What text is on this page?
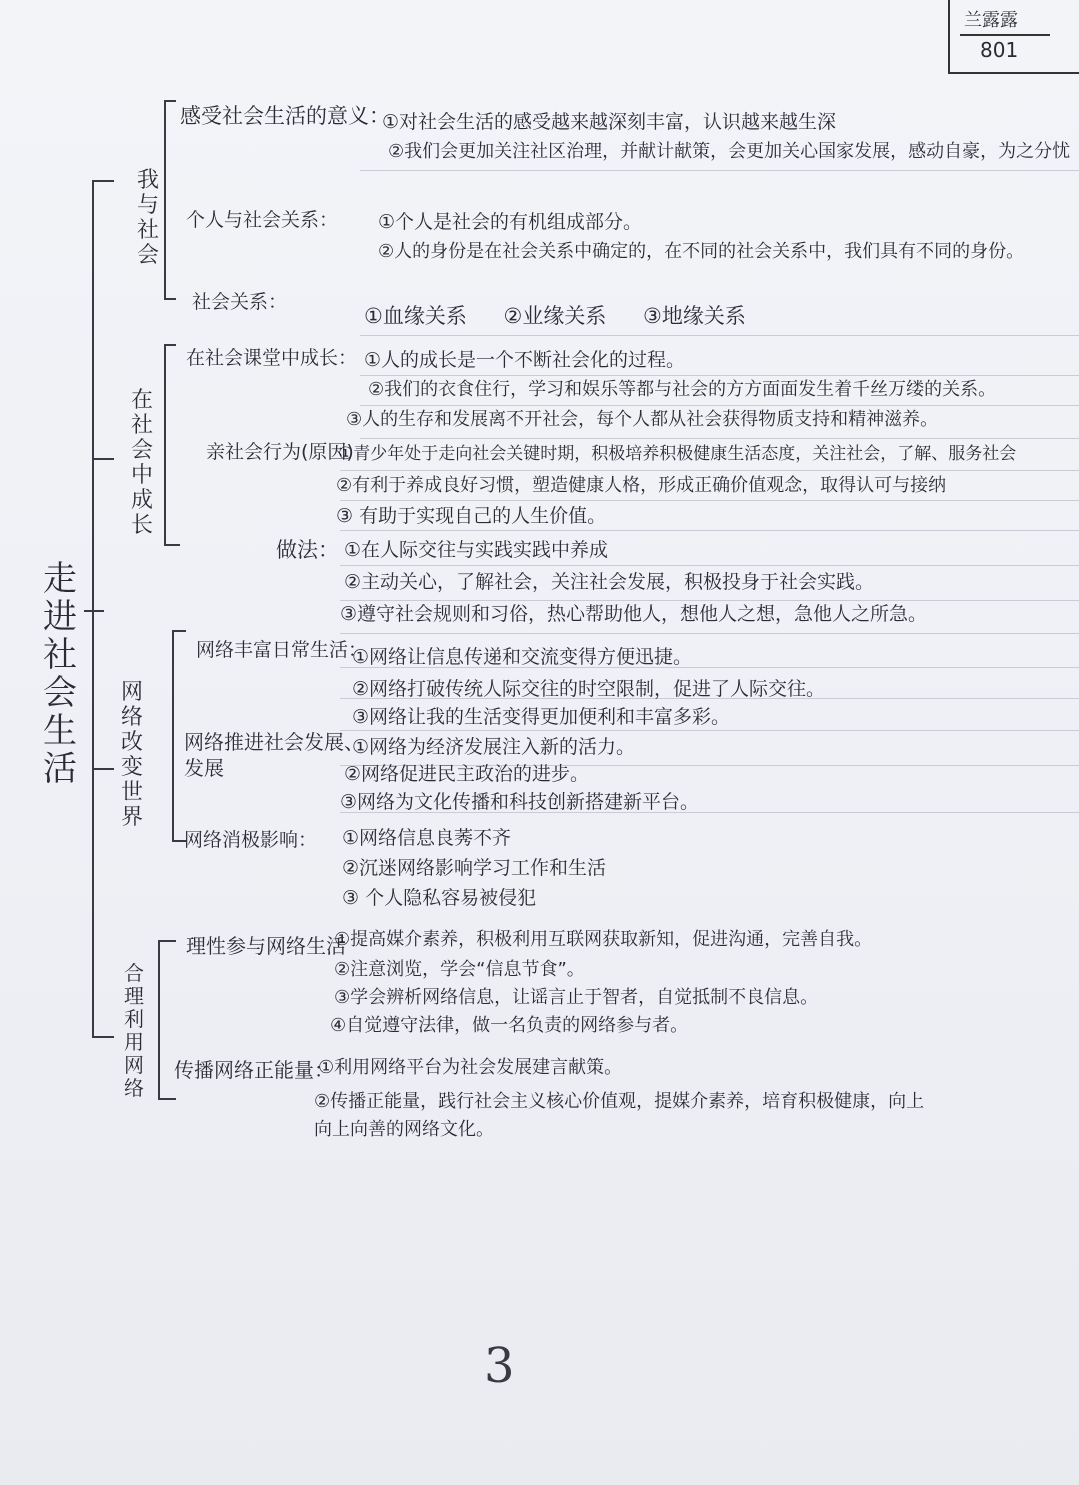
兰露露
801
走进社会生活
我与社会
感受社会生活的意义：
①对社会生活的感受越来越深刻丰富，认识越来越生深
②我们会更加关注社区治理，并献计献策，会更加关心国家发展，感动自豪，为之分忧
个人与社会关系： ①个人是社会的有机组成部分。
②人的身份是在社会关系中确定的，在不同的社会关系中，我们具有不同的身份。
社会关系：
①血缘关系 ②业缘关系 ③地缘关系
在社会中成长
在社会课堂中成长： ①人的成长是一个不断社会化的过程。
②我们的衣食住行，学习和娱乐等都与社会的方方面面发生着千丝万缕的关系。
③人的生存和发展离不开社会，每个人都从社会获得物质支持和精神滋养。
亲社会行为(原因)
①青少年处于走向社会关键时期，积极培养积极健康生活态度，关注社会，了解、服务社会
②有利于养成良好习惯，塑造健康人格，形成正确价值观念，取得认可与接纳
③ 有助于实现自己的人生价值。
做法： ①在人际交往与实践实践中养成
②主动关心，了解社会，关注社会发展，积极投身于社会实践。
③遵守社会规则和习俗，热心帮助他人，想他人之想，急他人之所急。
网络改变世界
网络丰富日常生活：
①网络让信息传递和交流变得方便迅捷。
②网络打破传统人际交往的时空限制，促进了人际交往。
③网络让我的生活变得更加便利和丰富多彩。
网络推进社会发展、
发展
①网络为经济发展注入新的活力。
②网络促进民主政治的进步。
③网络为文化传播和科技创新搭建新平台。
网络消极影响： ①网络信息良莠不齐
②沉迷网络影响学习工作和生活
③ 个人隐私容易被侵犯
合理利用网络
理性参与网络生活
①提高媒介素养，积极利用互联网获取新知，促进沟通，完善自我。
②注意浏览，学会“信息节食”。
③学会辨析网络信息，让谣言止于智者，自觉抵制不良信息。
④自觉遵守法律，做一名负责的网络参与者。
传播网络正能量：
①利用网络平台为社会发展建言献策。
②传播正能量，践行社会主义核心价值观，提媒介素养，培育积极健康，向上
向上向善的网络文化。
3
